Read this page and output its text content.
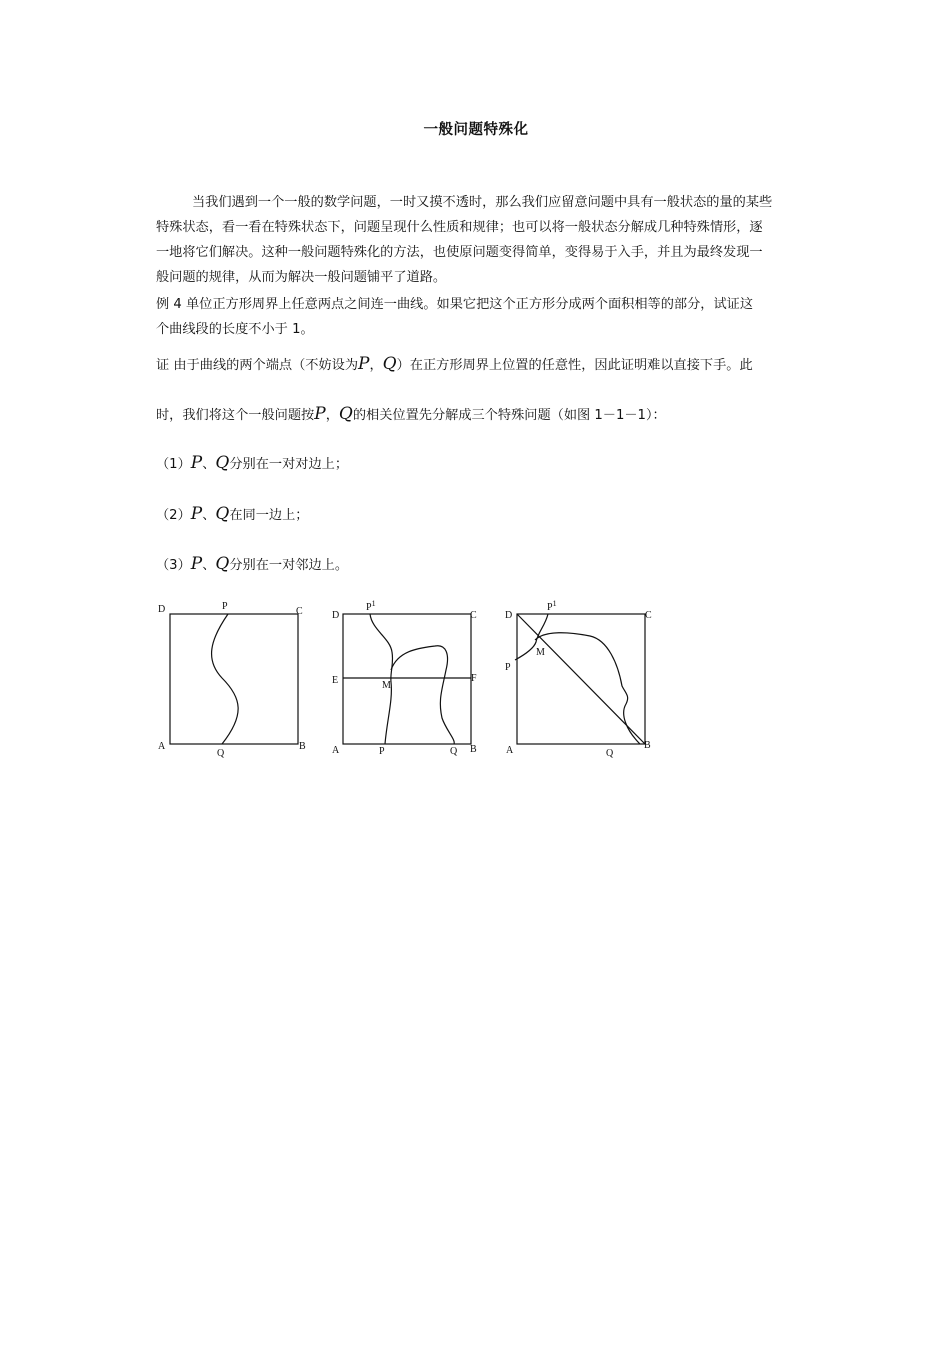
一般问题特殊化
当我们遇到一个一般的数学问题，一时又摸不透时，那么我们应留意问题中具有一般状态的量的某些
特殊状态，看一看在特殊状态下，问题呈现什么性质和规律；也可以将一般状态分解成几种特殊情形，逐
一地将它们解决。这种一般问题特殊化的方法，也使原问题变得简单，变得易于入手，并且为最终发现一
般问题的规律，从而为解决一般问题铺平了道路。
例 4 单位正方形周界上任意两点之间连一曲线。如果它把这个正方形分成两个面积相等的部分，试证这
个曲线段的长度不小于 1。
证 由于曲线的两个端点（不妨设为P，Q）在正方形周界上位置的任意性，因此证明难以直接下手。此
时，我们将这个一般问题按P，Q的相关位置先分解成三个特殊问题（如图 1－1－1）：
（1）P、Q分别在一对对边上；
（2）P、Q在同一边上；
（3）P、Q分别在一对邻边上。
D	C
A	B
P
Q
D	C
E	F
M
A	B
$P^1$
P	Q
D	C
P
M
A	B
$P^1$
Q
